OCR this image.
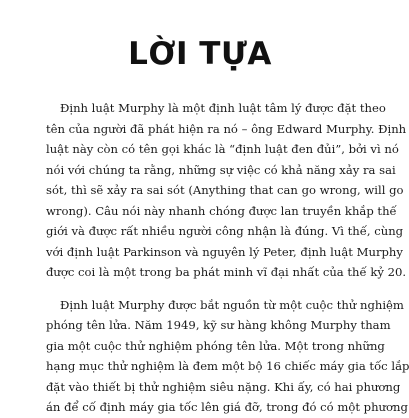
LỜI TỰA

Định luật Murphy là một định luật tâm lý được đặt theo
tên của người đã phát hiện ra nó – ông Edward Murphy. Định
luật này còn có tên gọi khác là “định luật đen đủi”, bởi vì nó
nói với chúng ta rằng, những sự việc có khả năng xảy ra sai
sót, thì sẽ xảy ra sai sót (Anything that can go wrong, will go
wrong). Câu nói này nhanh chóng được lan truyền khắp thế
giới và được rất nhiều người công nhận là đúng. Vì thế, cùng
với định luật Parkinson và nguyên lý Peter, định luật Murphy
được coi là một trong ba phát minh vĩ đại nhất của thế kỷ 20.

Định luật Murphy được bắt nguồn từ một cuộc thử nghiệm
phóng tên lửa. Năm 1949, kỹ sư hàng không Murphy tham
gia một cuộc thử nghiệm phóng tên lửa. Một trong những
hạng mục thử nghiệm là đem một bộ 16 chiếc máy gia tốc lắp
đặt vào thiết bị thử nghiệm siêu nặng. Khi ấy, có hai phương
án để cố định máy gia tốc lên giá đỡ, trong đó có một phương
